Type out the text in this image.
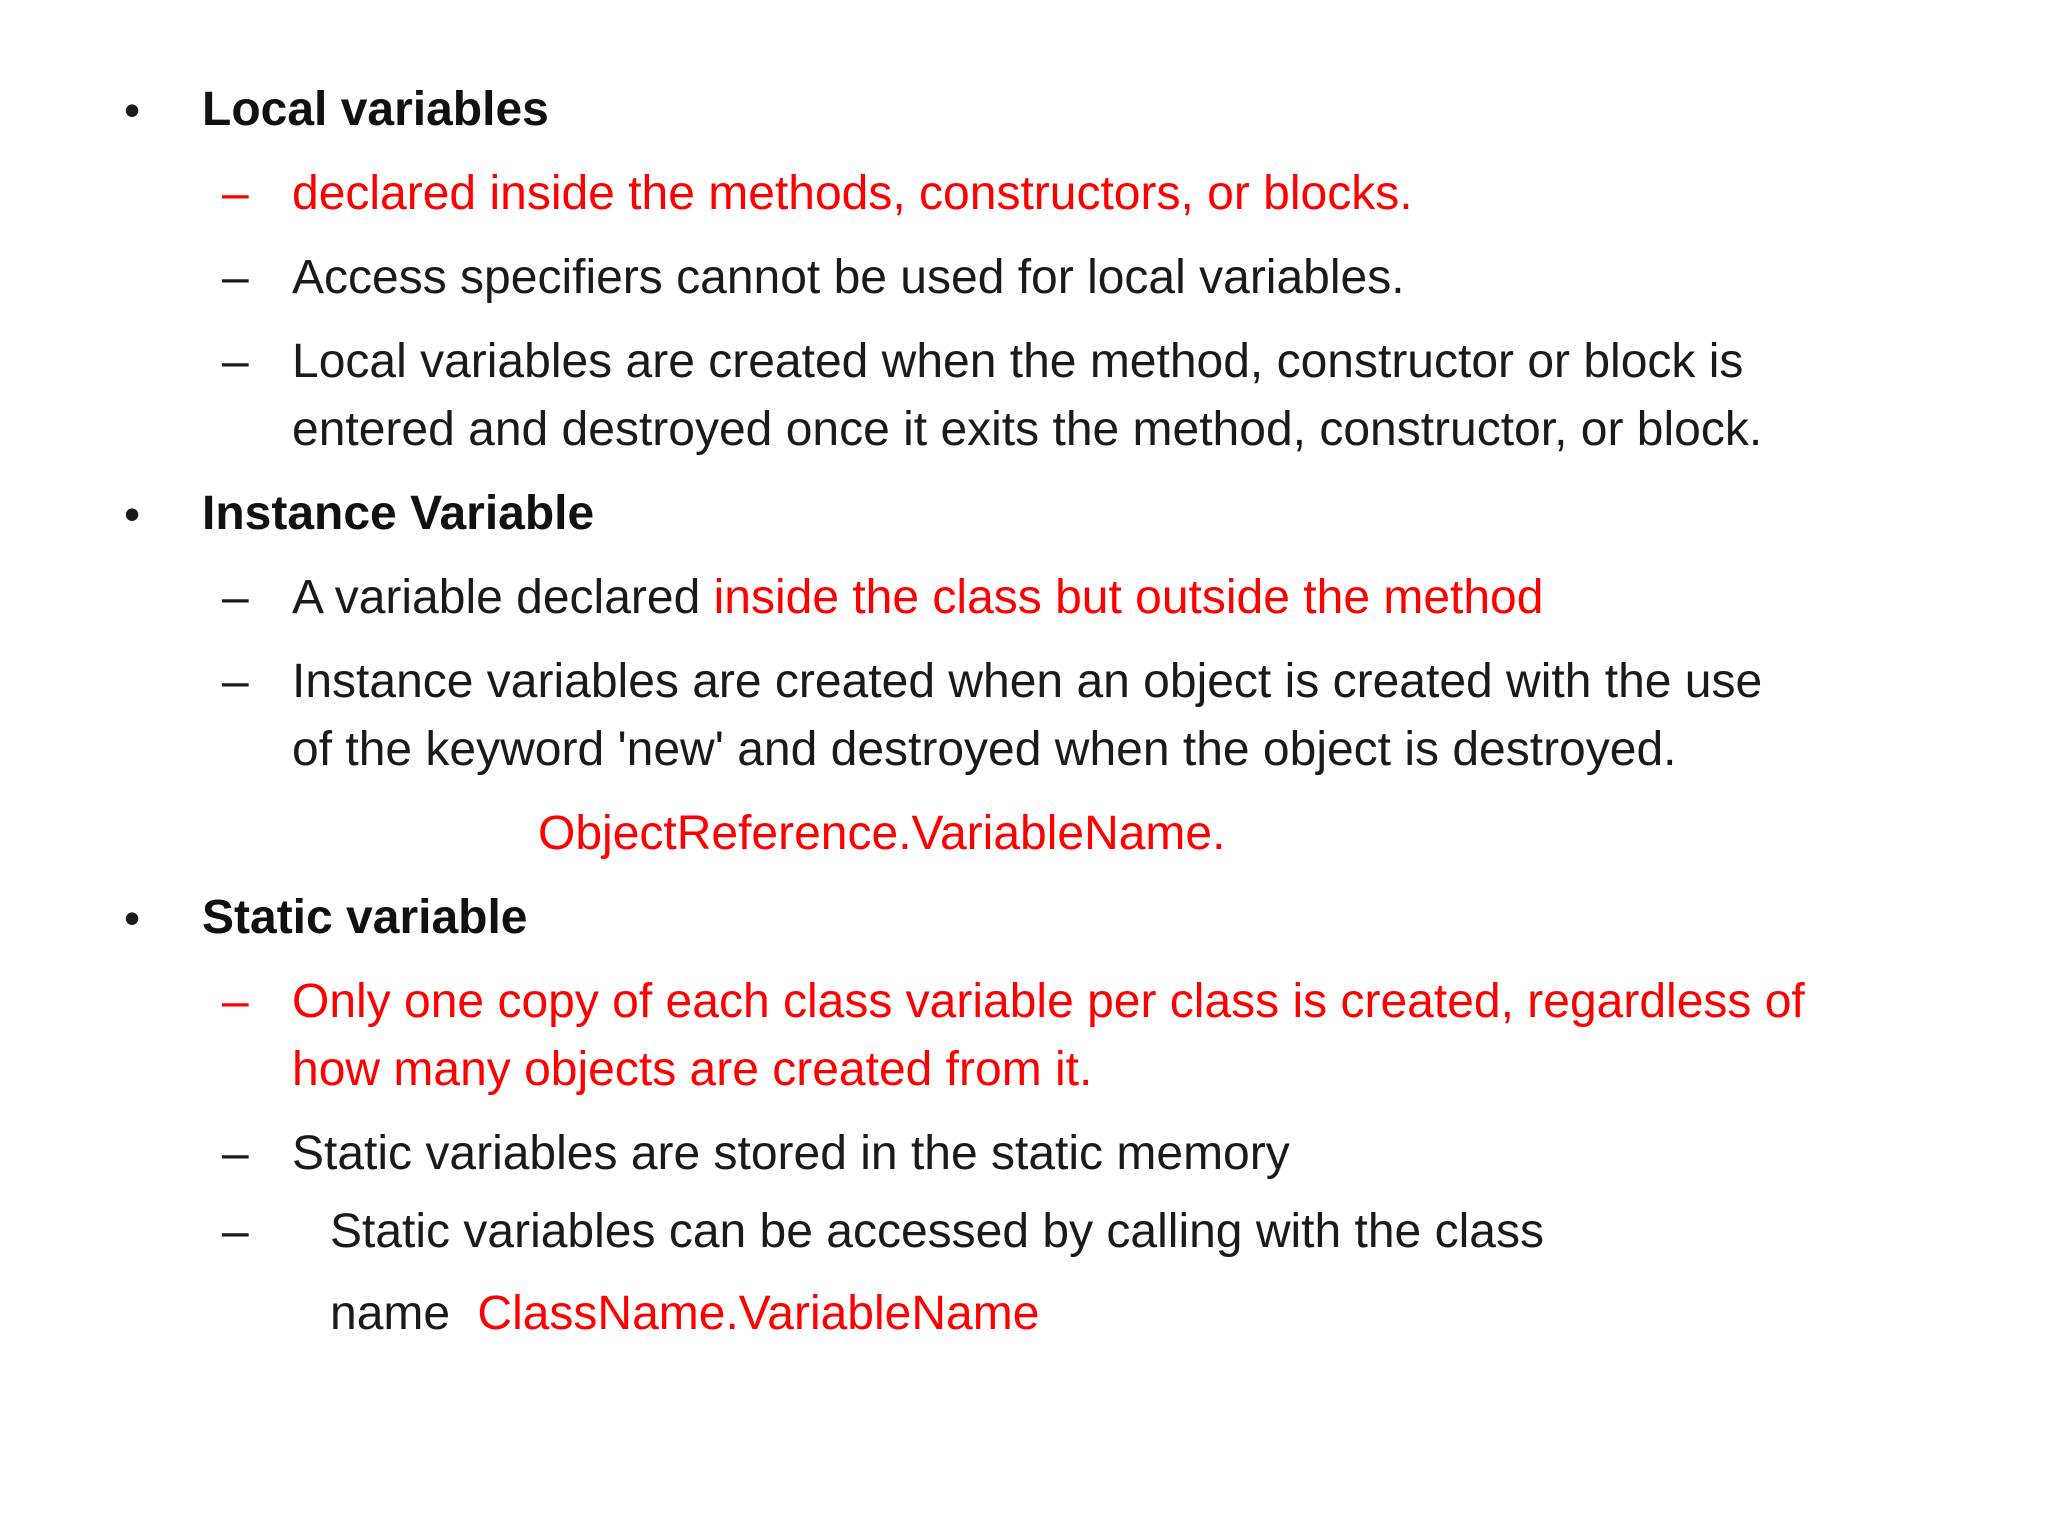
• Local variables
– declared inside the methods, constructors, or blocks.
– Access specifiers cannot be used for local variables.
– Local variables are created when the method, constructor or block is
entered and destroyed once it exits the method, constructor, or block.
• Instance Variable
– A variable declared inside the class but outside the method
– Instance variables are created when an object is created with the use
of the keyword 'new' and destroyed when the object is destroyed.
ObjectReference.VariableName.
• Static variable
– Only one copy of each class variable per class is created, regardless of
how many objects are created from it.
– Static variables are stored in the static memory
– Static variables can be accessed by calling with the class
name ClassName.VariableName
